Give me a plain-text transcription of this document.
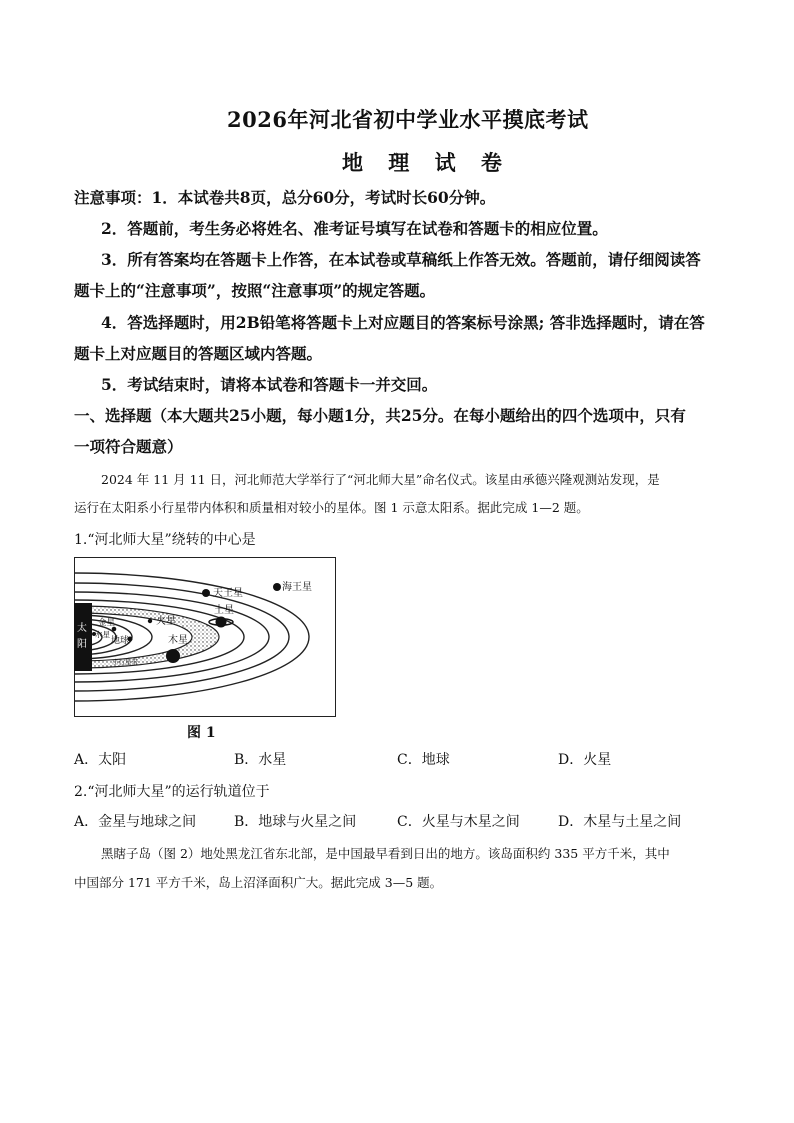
2026年河北省初中学业水平摸底考试
地 理 试 卷
注意事项：1．本试卷共8页，总分60分，考试时长60分钟。
2．答题前，考生务必将姓名、准考证号填写在试卷和答题卡的相应位置。
3．所有答案均在答题卡上作答，在本试卷或草稿纸上作答无效。答题前，请仔细阅读答
题卡上的“注意事项”，按照“注意事项”的规定答题。
4．答选择题时，用2B铅笔将答题卡上对应题目的答案标号涂黑; 答非选择题时，请在答
题卡上对应题目的答题区域内答题。
5．考试结束时，请将本试卷和答题卡一并交回。
一、选择题（本大题共25小题，每小题1分，共25分。在每小题给出的四个选项中，只有
一项符合题意）
2024 年 11 月 11 日，河北师范大学举行了“河北师大星”命名仪式。该星由承德兴隆观测站发现，是
运行在太阳系小行星带内体积和质量相对较小的星体。图 1 示意太阳系。据此完成 1—2 题。
1.“河北师大星”绕转的中心是
太
阳
水星
金星
地球
火星
木星
土星
天王星
海王星
小行星带
图 1
A．太阳	B．水星	C．地球	D．火星
2.“河北师大星”的运行轨道位于
A．金星与地球之间	B．地球与火星之间	C．火星与木星之间	D．木星与土星之间
黑瞎子岛（图 2）地处黑龙江省东北部，是中国最早看到日出的地方。该岛面积约 335 平方千米，其中
中国部分 171 平方千米，岛上沼泽面积广大。据此完成 3—5 题。
